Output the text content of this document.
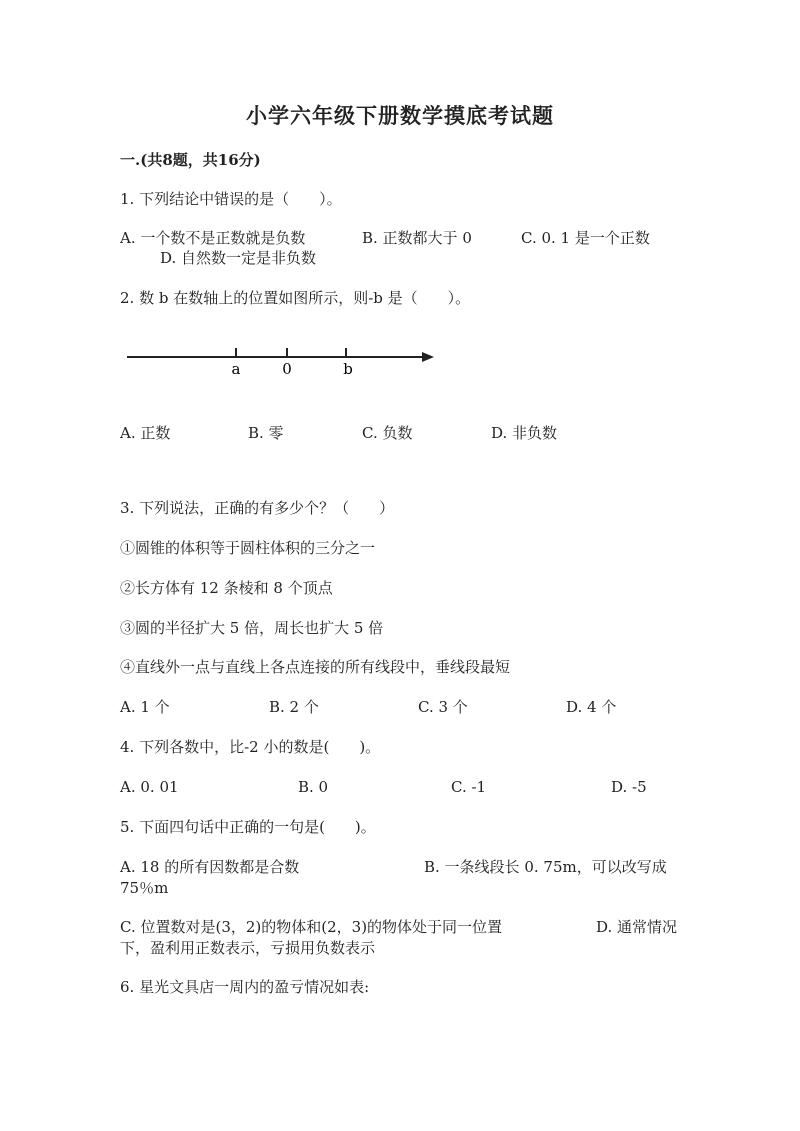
小学六年级下册数学摸底考试题
一.(共8题，共16分)
1. 下列结论中错误的是（　　）。
A. 一个数不是正数就是负数	B. 正数都大于 0	C. 0. 1 是一个正数
D. 自然数一定是非负数
2. 数 b 在数轴上的位置如图所示，则-b 是（　　）。
a	0	b
A. 正数	B. 零	C. 负数	D. 非负数
3. 下列说法，正确的有多少个？（　　）
①圆锥的体积等于圆柱体积的三分之一
②长方体有 12 条棱和 8 个顶点
③圆的半径扩大 5 倍，周长也扩大 5 倍
④直线外一点与直线上各点连接的所有线段中，垂线段最短
A. 1 个	B. 2 个	C. 3 个	D. 4 个
4. 下列各数中，比-2 小的数是(　　)。
A. 0. 01	B. 0	C. -1	D. -5
5. 下面四句话中正确的一句是(　　)。
A. 18 的所有因数都是合数	B. 一条线段长 0. 75m，可以改写成
75％m
C. 位置数对是(3，2)的物体和(2，3)的物体处于同一位置	D. 通常情况
下，盈利用正数表示，亏损用负数表示
6. 星光文具店一周内的盈亏情况如表:
